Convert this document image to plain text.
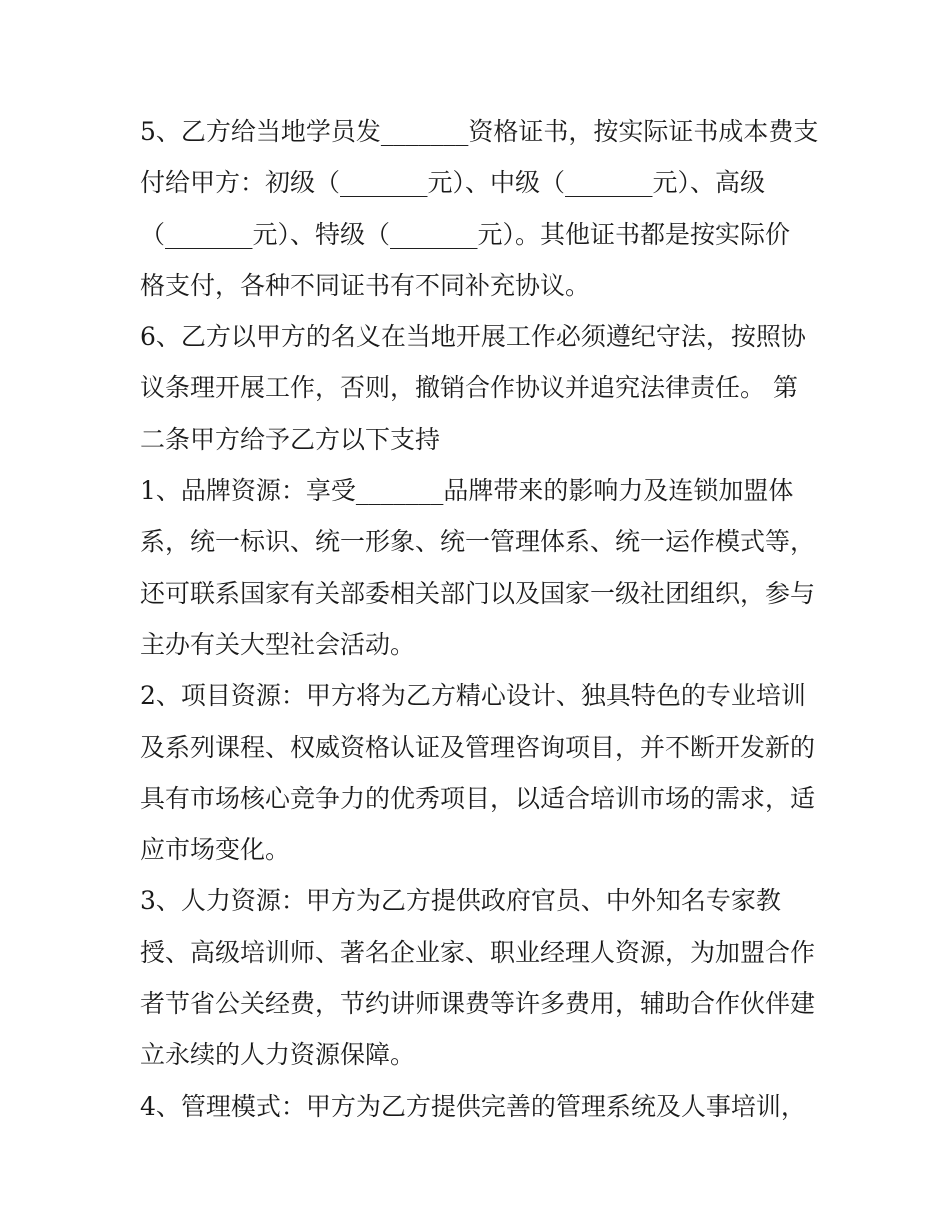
5、乙方给当地学员发_______资格证书，按实际证书成本费支
付给甲方：初级（_______元）、中级（_______元）、高级
（_______元）、特级（_______元）。其他证书都是按实际价
格支付，各种不同证书有不同补充协议。
6、乙方以甲方的名义在当地开展工作必须遵纪守法，按照协
议条理开展工作，否则，撤销合作协议并追究法律责任。 第
二条甲方给予乙方以下支持
1、品牌资源：享受_______品牌带来的影响力及连锁加盟体
系，统一标识、统一形象、统一管理体系、统一运作模式等，
还可联系国家有关部委相关部门以及国家一级社团组织，参与
主办有关大型社会活动。
2、项目资源：甲方将为乙方精心设计、独具特色的专业培训
及系列课程、权威资格认证及管理咨询项目，并不断开发新的
具有市场核心竞争力的优秀项目，以适合培训市场的需求，适
应市场变化。
3、人力资源：甲方为乙方提供政府官员、中外知名专家教
授、高级培训师、著名企业家、职业经理人资源，为加盟合作
者节省公关经费，节约讲师课费等许多费用，辅助合作伙伴建
立永续的人力资源保障。
4、管理模式：甲方为乙方提供完善的管理系统及人事培训，
